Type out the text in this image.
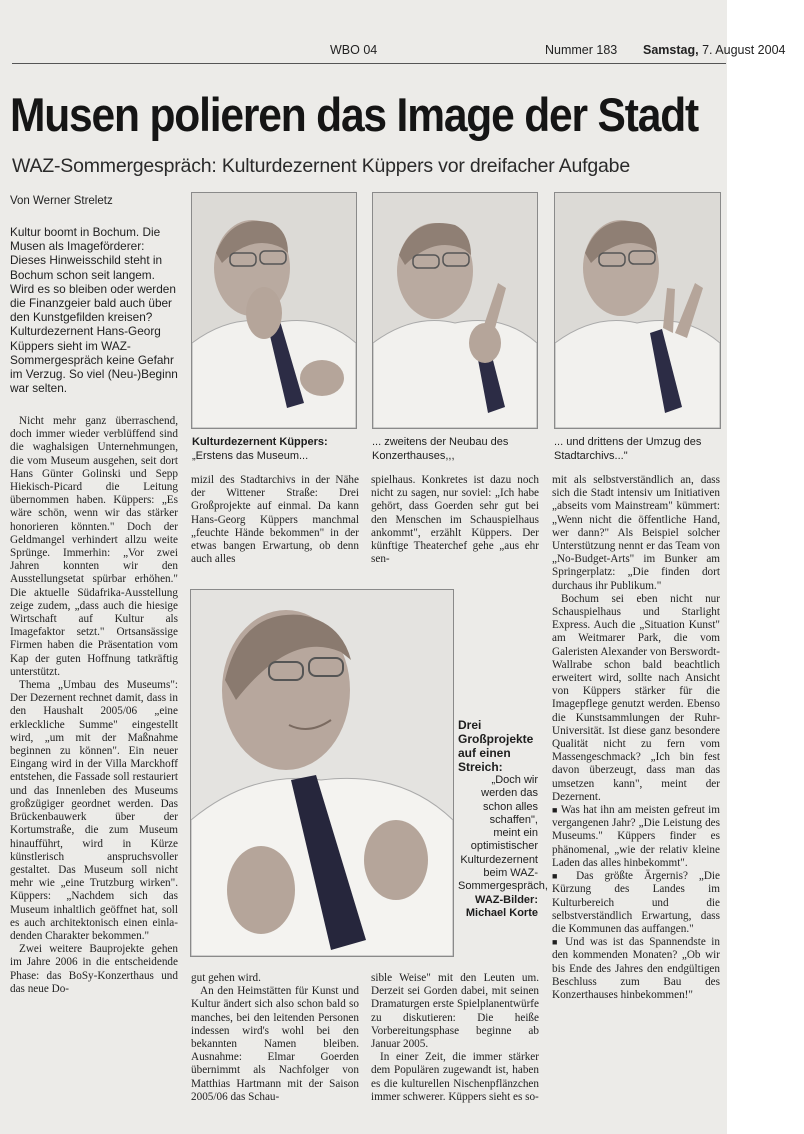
WBO 04	Nummer 183 Samstag, 7. August 2004
Musen polieren das Image der Stadt
WAZ-Sommergespräch: Kulturdezernent Küppers vor dreifacher Aufgabe
Von Werner Streletz
Kultur boomt in Bochum. Die Musen als Imageförderer: Dieses Hinweisschild steht in Bochum schon seit langem. Wird es so bleiben oder werden die Finanzgeier bald auch über den Kunstgefilden kreisen? Kulturdezernent Hans-Georg Küppers sieht im WAZ-Sommergespräch keine Gefahr im Verzug. So viel (Neu-)Beginn war selten.

Nicht mehr ganz überraschend, doch immer wieder verblüffend sind die waghalsigen Unternehmungen, die vom Museum ausgehen, seit dort Hans Günter Golinski und Sepp Hiekisch-Picard die Leitung übernommen haben. Küppers: „Es wäre schön, wenn wir das stärker honorieren könnten." Doch der Geldmangel verhindert allzu weite Sprünge. Immerhin: „Vor zwei Jahren konnten wir den Ausstellungsetat spürbar erhöhen." Die aktuelle Südafrika-Ausstellung zeige zudem, „dass auch die hiesige Wirtschaft auf Kultur als Imagefaktor setzt." Ortsansässige Firmen haben die Präsentation vom Kap der guten Hoffnung tatkräftig unterstützt.

Thema „Umbau des Museums": Der Dezernent rechnet damit, dass in den Haushalt 2005/06 „eine erkleckliche Summe" eingestellt wird, „um mit der Maßnahme beginnen zu können". Ein neuer Eingang wird in der Villa Marckhoff entstehen, die Fassade soll restauriert und das Innenleben des Museums großzügiger geordnet werden. Das Brückenbauwerk über der Kortumstraße, die zum Museum hinaufführt, wird in Kürze künstlerisch anspruchsvoller gestaltet. Das Museum soll nicht mehr wie „eine Trutzburg wirken". Küppers: „Nachdem sich das Museum inhaltlich geöffnet hat, soll es auch architektonisch einen einla-denden Charakter bekommen."

Zwei weitere Bauprojekte gehen im Jahre 2006 in die entscheidende Phase: das BoSy-Konzerthaus und das neue Do-

Kulturdezernent Küppers:
„Erstens das Museum...
... zweitens der Neubau des Konzerthauses,,,
... und drittens der Umzug des Stadtarchivs..."

mizil des Stadtarchivs in der Nähe der Wittener Straße: Drei Großprojekte auf einmal. Da kann Hans-Georg Küppers manchmal „feuchte Hände bekommen" in der etwas bangen Erwartung, ob denn auch alles

spielhaus. Konkretes ist dazu noch nicht zu sagen, nur soviel: „Ich habe gehört, dass Goerden sehr gut bei den Menschen im Schauspielhaus ankommt", erzählt Küppers. Der künftige Theaterchef gehe „aus ehr sen-

Drei Großprojekte auf einen Streich:
„Doch wir werden das schon alles schaffen",
meint ein optimistischer Kulturdezernent beim WAZ-Sommergespräch,
WAZ-Bilder: Michael Korte

gut gehen wird.

An den Heimstätten für Kunst und Kultur ändert sich also schon bald so manches, bei den leitenden Personen indessen wird's wohl bei den bekannten Namen bleiben. Ausnahme: Elmar Goerden übernimmt als Nachfolger von Matthias Hartmann mit der Saison 2005/06 das Schau-

sible Weise" mit den Leuten um. Derzeit sei Gorden dabei, mit seinen Dramaturgen erste Spielplanentwürfe zu diskutieren: Die heiße Vorbereitungsphase beginne ab Januar 2005.

In einer Zeit, die immer stärker dem Populären zugewandt ist, haben es die kulturellen Nischenpflänzchen immer schwerer. Küppers sieht es so-

mit als selbstverständlich an, dass sich die Stadt intensiv um Initiativen „abseits vom Mainstream" kümmert: „Wenn nicht die öffentliche Hand, wer dann?" Als Beispiel solcher Unterstützung nennt er das Team von „No-Budget-Arts" im Bunker am Springerplatz: „Die finden dort durchaus ihr Publikum."

Bochum sei eben nicht nur Schauspielhaus und Starlight Express. Auch die „Situation Kunst" am Weitmarer Park, die vom Galeristen Alexander von Berswordt-Wallrabe schon bald beachtlich erweitert wird, sollte nach Ansicht von Küppers stärker für die Imagepflege genutzt werden. Ebenso die Kunstsammlungen der Ruhr-Universität. Ist diese ganz besondere Qualität nicht zu fern vom Massengeschmack? „Ich bin fest davon überzeugt, dass man das umsetzen kann", meint der Dezernent.

■ Was hat ihn am meisten gefreut im vergangenen Jahr? „Die Leistung des Museums." Küppers finder es phänomenal, „wie der relativ kleine Laden das alles hinbekommt".

■ Das größte Ärgernis? „Die Kürzung des Landes im Kulturbereich und die selbstverständlich Erwartung, dass die Kommunen das auffangen."

■ Und was ist das Spannendste in den kommenden Monaten? „Ob wir bis Ende des Jahres den endgültigen Beschluss zum Bau des Konzerthauses hinbekommen!"
